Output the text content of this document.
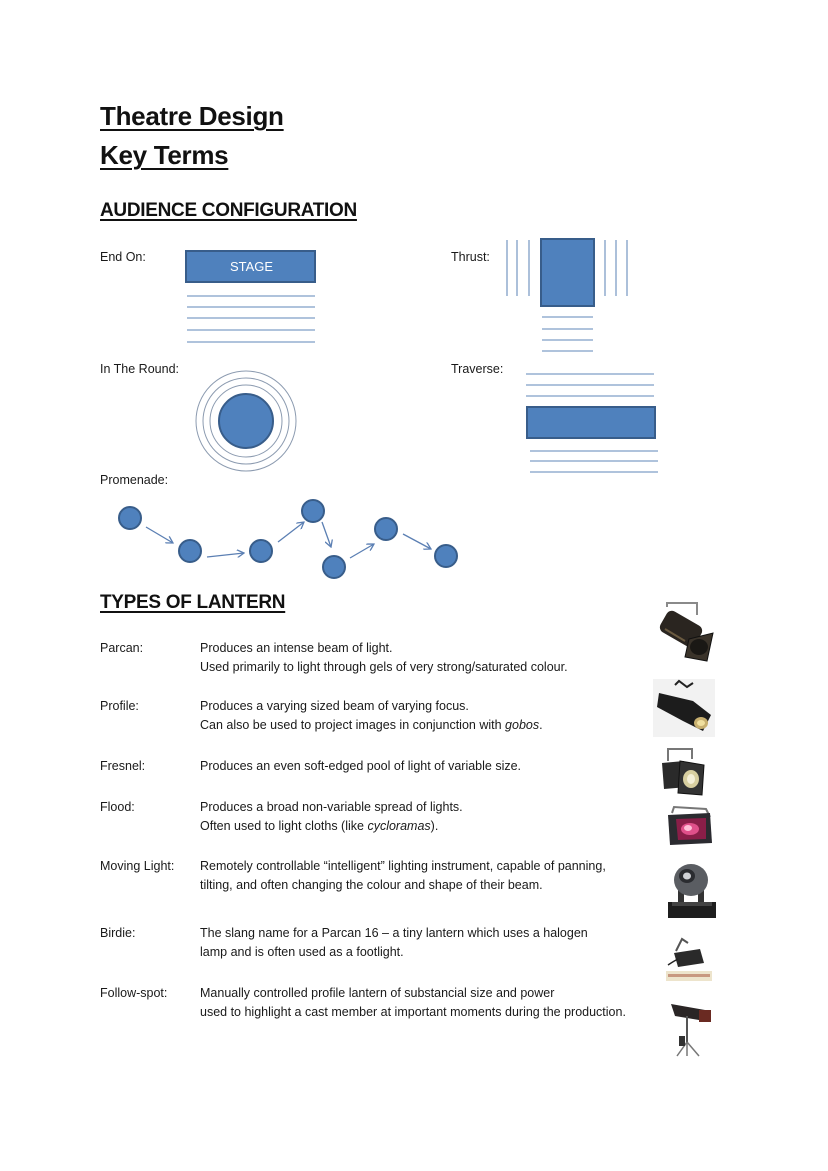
Theatre Design
Key Terms
AUDIENCE CONFIGURATION
End On:	Thrust:
In The Round:	Traverse:
Promenade:
STAGE
TYPES OF LANTERN
Parcan:	Produces an intense beam of light.
Used primarily to light through gels of very strong/saturated colour.
Profile:	Produces a varying sized beam of varying focus.
Can also be used to project images in conjunction with gobos.
Fresnel:	Produces an even soft-edged pool of light of variable size.
Flood:	Produces a broad non-variable spread of lights.
Often used to light cloths (like cycloramas).
Moving Light: Remotely controllable “intelligent” lighting instrument, capable of panning,
tilting, and often changing the colour and shape of their beam.
Birdie:	The slang name for a Parcan 16 – a tiny lantern which uses a halogen
lamp and is often used as a footlight.
Follow-spot:	Manually controlled profile lantern of substancial size and power
used to highlight a cast member at important moments during the production.
